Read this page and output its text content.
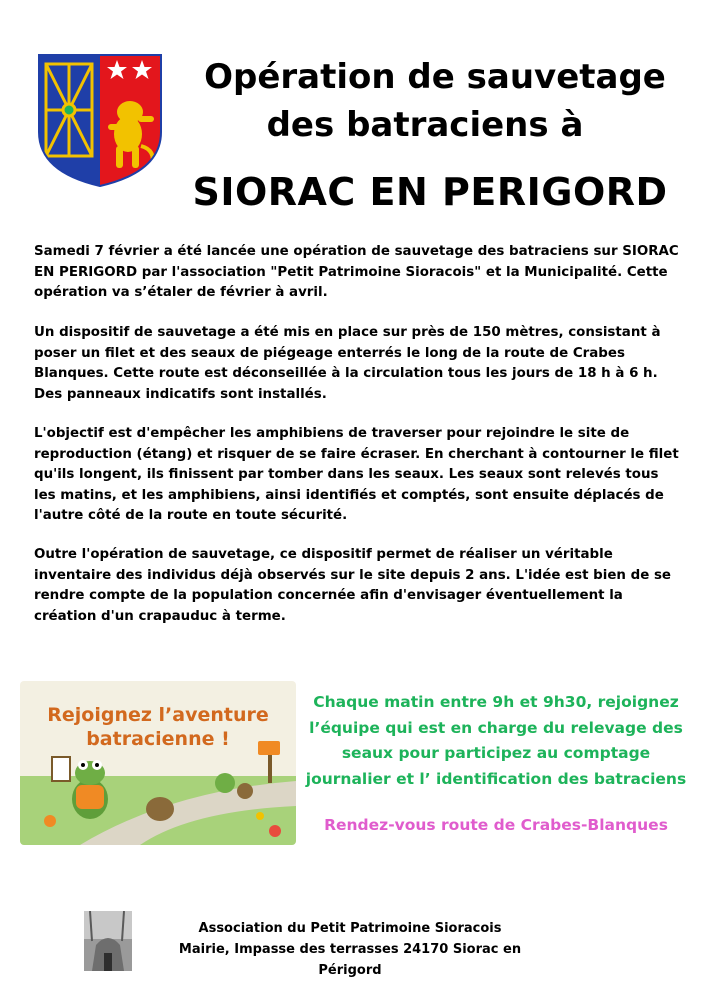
Opération de sauvetage
des batraciens à
SIORAC EN PERIGORD

Samedi 7 février a été lancée une opération de sauvetage des batraciens sur SIORAC EN PERIGORD par l'association "Petit Patrimoine Sioracois" et la Municipalité. Cette opération va s’étaler de février à avril.

Un dispositif de sauvetage a été mis en place sur près de 150 mètres, consistant à poser un filet et des seaux de piégeage enterrés le long de la route de Crabes Blanques. Cette route est déconseillée à la circulation tous les jours de 18 h à 6 h. Des panneaux indicatifs sont installés.

L'objectif est d'empêcher les amphibiens de traverser pour rejoindre le site de reproduction (étang) et risquer de se faire écraser. En cherchant à contourner le filet qu'ils longent, ils finissent par tomber dans les seaux. Les seaux sont relevés tous les matins, et les amphibiens, ainsi identifiés et comptés, sont ensuite déplacés de l'autre côté de la route en toute sécurité.

Outre l'opération de sauvetage, ce dispositif permet de réaliser un véritable inventaire des individus déjà observés sur le site depuis 2 ans. L'idée est bien de se rendre compte de la population concernée afin d'envisager éventuellement la création d'un crapauduc à terme.

Rejoignez l’aventure
batracienne !

Chaque matin entre 9h et 9h30, rejoignez l’équipe qui est en charge du relevage des seaux pour participez au comptage journalier et l’ identification des batraciens

Rendez-vous route de Crabes-Blanques

Association du Petit Patrimoine Sioracois
Mairie, Impasse des terrasses 24170 Siorac en Périgord
